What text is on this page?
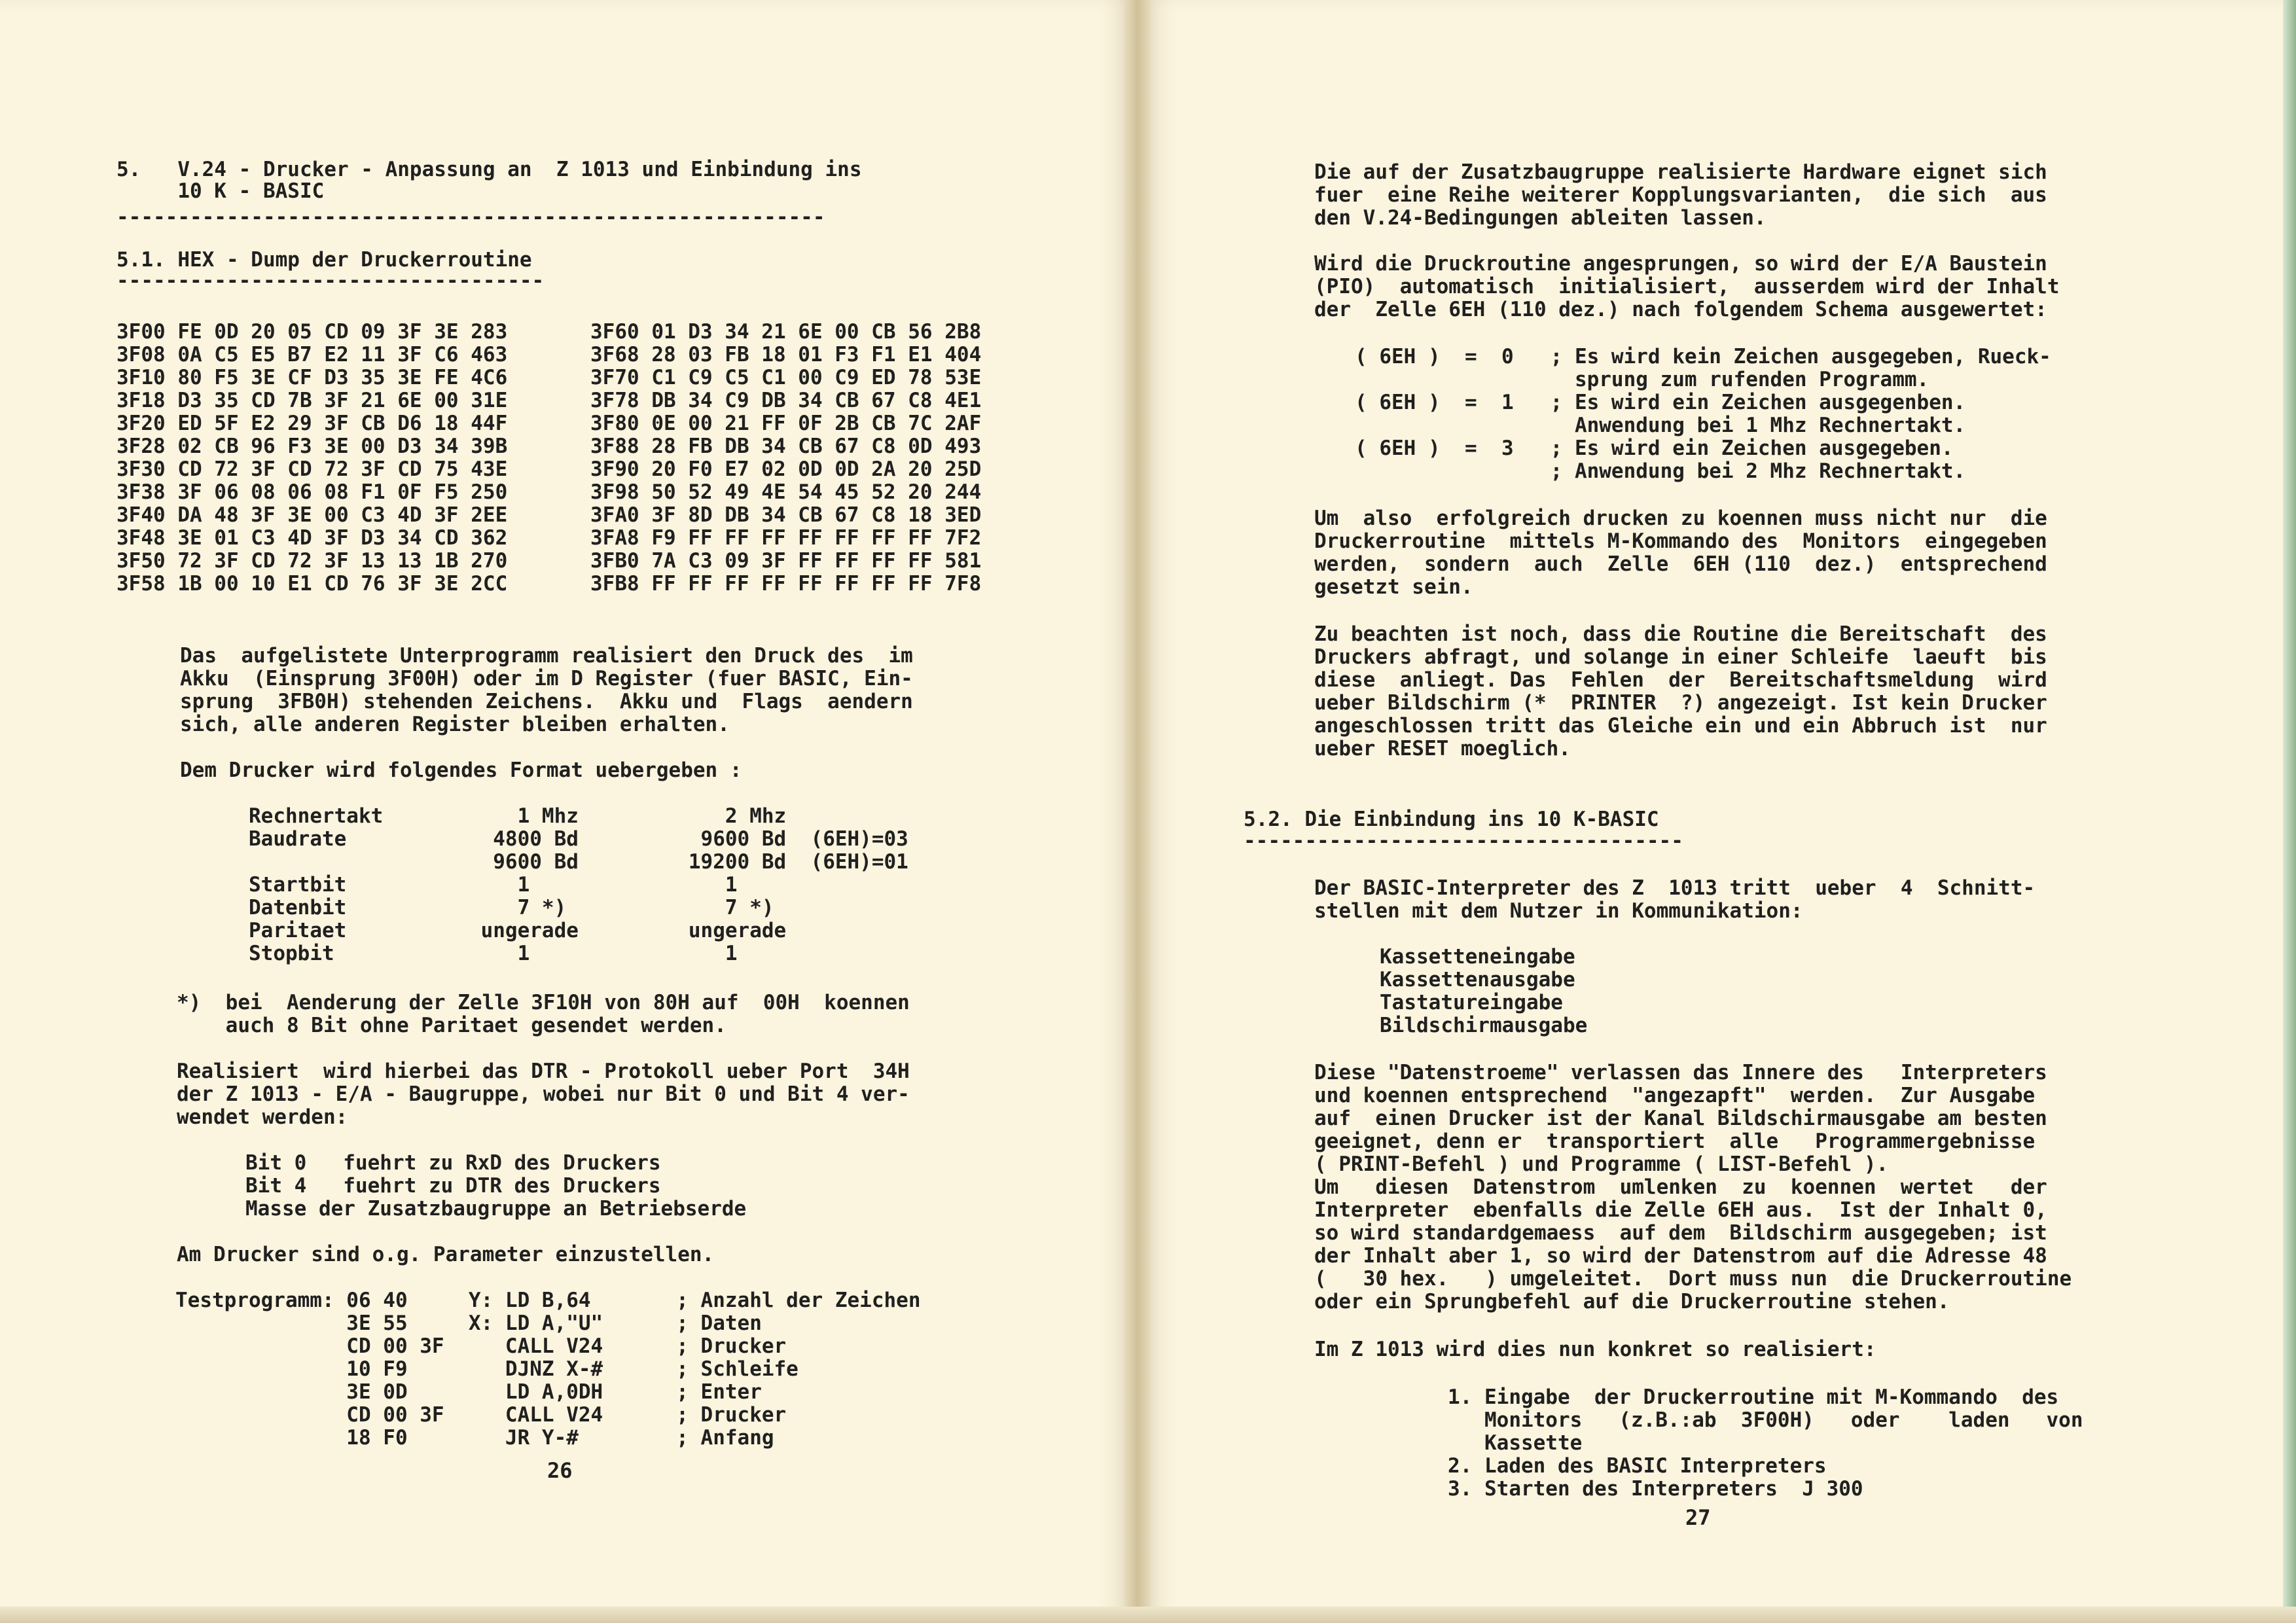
5.   V.24 - Drucker - Anpassung an  Z 1013 und Einbindung ins
10 K - BASIC
----------------------------------------------------------
5.1. HEX - Dump der Druckerroutine
-----------------------------------
3F00 FE 0D 20 05 CD 09 3F 3E 283
3F08 0A C5 E5 B7 E2 11 3F C6 463
3F10 80 F5 3E CF D3 35 3E FE 4C6
3F18 D3 35 CD 7B 3F 21 6E 00 31E
3F20 ED 5F E2 29 3F CB D6 18 44F
3F28 02 CB 96 F3 3E 00 D3 34 39B
3F30 CD 72 3F CD 72 3F CD 75 43E
3F38 3F 06 08 06 08 F1 0F F5 250
3F40 DA 48 3F 3E 00 C3 4D 3F 2EE
3F48 3E 01 C3 4D 3F D3 34 CD 362
3F50 72 3F CD 72 3F 13 13 1B 270
3F58 1B 00 10 E1 CD 76 3F 3E 2CC
3F60 01 D3 34 21 6E 00 CB 56 2B8
3F68 28 03 FB 18 01 F3 F1 E1 404
3F70 C1 C9 C5 C1 00 C9 ED 78 53E
3F78 DB 34 C9 DB 34 CB 67 C8 4E1
3F80 0E 00 21 FF 0F 2B CB 7C 2AF
3F88 28 FB DB 34 CB 67 C8 0D 493
3F90 20 F0 E7 02 0D 0D 2A 20 25D
3F98 50 52 49 4E 54 45 52 20 244
3FA0 3F 8D DB 34 CB 67 C8 18 3ED
3FA8 F9 FF FF FF FF FF FF FF 7F2
3FB0 7A C3 09 3F FF FF FF FF 581
3FB8 FF FF FF FF FF FF FF FF 7F8
Das  aufgelistete Unterprogramm realisiert den Druck des  im
Akku  (Einsprung 3F00H) oder im D Register (fuer BASIC, Ein-
sprung  3FB0H) stehenden Zeichens.  Akku und  Flags  aendern
sich, alle anderen Register bleiben erhalten.
Dem Drucker wird folgendes Format uebergeben :
Rechnertakt           1 Mhz            2 Mhz
Baudrate            4800 Bd          9600 Bd  (6EH)=03
9600 Bd         19200 Bd  (6EH)=01
Startbit              1                1
Datenbit              7 *)             7 *)
Paritaet           ungerade         ungerade
Stopbit               1                1
*)  bei  Aenderung der Zelle 3F10H von 80H auf  00H  koennen
auch 8 Bit ohne Paritaet gesendet werden.
Realisiert  wird hierbei das DTR - Protokoll ueber Port  34H
der Z 1013 - E/A - Baugruppe, wobei nur Bit 0 und Bit 4 ver-
wendet werden:
Bit 0   fuehrt zu RxD des Druckers
Bit 4   fuehrt zu DTR des Druckers
Masse der Zusatzbaugruppe an Betriebserde
Am Drucker sind o.g. Parameter einzustellen.
Testprogramm: 06 40     Y: LD B,64       ; Anzahl der Zeichen
3E 55     X: LD A,"U"      ; Daten
CD 00 3F     CALL V24      ; Drucker
10 F9        DJNZ X-#      ; Schleife
3E 0D        LD A,0DH      ; Enter
CD 00 3F     CALL V24      ; Drucker
18 F0        JR Y-#        ; Anfang
26
Die auf der Zusatzbaugruppe realisierte Hardware eignet sich
fuer  eine Reihe weiterer Kopplungsvarianten,  die sich  aus
den V.24-Bedingungen ableiten lassen.
Wird die Druckroutine angesprungen, so wird der E/A Baustein
(PIO)  automatisch  initialisiert,  ausserdem wird der Inhalt
der  Zelle 6EH (110 dez.) nach folgendem Schema ausgewertet:
( 6EH )  =  0   ; Es wird kein Zeichen ausgegeben, Rueck-
sprung zum rufenden Programm.
( 6EH )  =  1   ; Es wird ein Zeichen ausgegenben.
Anwendung bei 1 Mhz Rechnertakt.
( 6EH )  =  3   ; Es wird ein Zeichen ausgegeben.
; Anwendung bei 2 Mhz Rechnertakt.
Um  also  erfolgreich drucken zu koennen muss nicht nur  die
Druckerroutine  mittels M-Kommando des  Monitors  eingegeben
werden,  sondern  auch  Zelle  6EH (110  dez.)  entsprechend
gesetzt sein.
Zu beachten ist noch, dass die Routine die Bereitschaft  des
Druckers abfragt, und solange in einer Schleife  laeuft  bis
diese  anliegt. Das  Fehlen  der  Bereitschaftsmeldung  wird
ueber Bildschirm (*  PRINTER  ?) angezeigt. Ist kein Drucker
angeschlossen tritt das Gleiche ein und ein Abbruch ist  nur
ueber RESET moeglich.
5.2. Die Einbindung ins 10 K-BASIC
------------------------------------
Der BASIC-Interpreter des Z  1013 tritt  ueber  4  Schnitt-
stellen mit dem Nutzer in Kommunikation:
Kassetteneingabe
Kassettenausgabe
Tastatureingabe
Bildschirmausgabe
Diese "Datenstroeme" verlassen das Innere des   Interpreters
und koennen entsprechend  "angezapft"  werden.  Zur Ausgabe
auf  einen Drucker ist der Kanal Bildschirmausgabe am besten
geeignet, denn er  transportiert  alle   Programmergebnisse
( PRINT-Befehl ) und Programme ( LIST-Befehl ).
Um   diesen  Datenstrom  umlenken  zu  koennen  wertet   der
Interpreter  ebenfalls die Zelle 6EH aus.  Ist der Inhalt 0,
so wird standardgemaess  auf dem  Bildschirm ausgegeben; ist
der Inhalt aber 1, so wird der Datenstrom auf die Adresse 48
(   30 hex.   ) umgeleitet.  Dort muss nun  die Druckerroutine
oder ein Sprungbefehl auf die Druckerroutine stehen.
Im Z 1013 wird dies nun konkret so realisiert:
1. Eingabe  der Druckerroutine mit M-Kommando  des
Monitors   (z.B.:ab  3F00H)   oder    laden   von
Kassette
2. Laden des BASIC Interpreters
3. Starten des Interpreters  J 300
27
